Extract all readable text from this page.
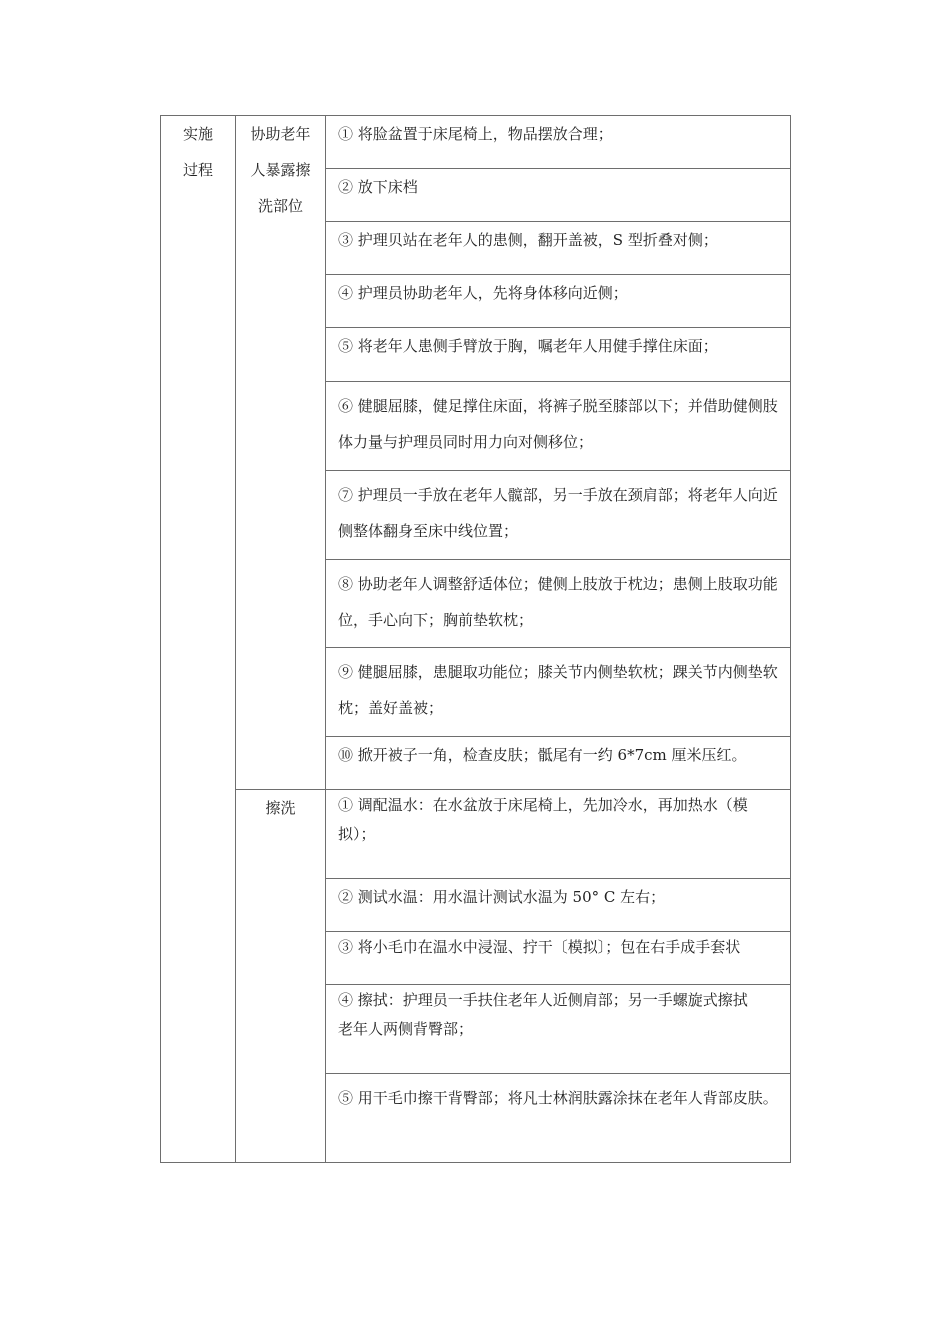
实施过程	协助老年人暴露擦洗部位	① 将脸盆置于床尾椅上，物品摆放合理；

		② 放下床档

		③ 护理贝站在老年人的患侧，翻开盖被，S 型折叠对侧；

		④ 护理员协助老年人，先将身体移向近侧；

		⑤ 将老年人患侧手臂放于胸，嘱老年人用健手撑住床面；

		⑥ 健腿屈膝，健足撑住床面，将裤子脱至膝部以下；并借助健侧肢体力量与护理员同时用力向对侧移位；

		⑦ 护理员一手放在老年人髋部，另一手放在颈肩部；将老年人向近侧整体翻身至床中线位置；

		⑧ 协助老年人调整舒适体位；健侧上肢放于枕边；患侧上肢取功能位，手心向下；胸前垫软枕；

		⑨ 健腿屈膝，患腿取功能位；膝关节内侧垫软枕；踝关节内侧垫软枕；盖好盖被；

		⑩ 掀开被子一角，检查皮肤；骶尾有一约 6*7cm 厘米压红。

	擦洗	① 调配温水：在水盆放于床尾椅上，先加冷水，再加热水（模
拟）；

		② 测试水温：用水温计测试水温为 50° C 左右；

		③ 将小毛巾在温水中浸湿、拧干〔模拟〕；包在右手成手套状

		④ 擦拭：护理员一手扶住老年人近侧肩部；另一手螺旋式擦拭
老年人两侧背臀部；

		⑤ 用干毛巾擦干背臀部；将凡士林润肤露涂抹在老年人背部皮肤。
